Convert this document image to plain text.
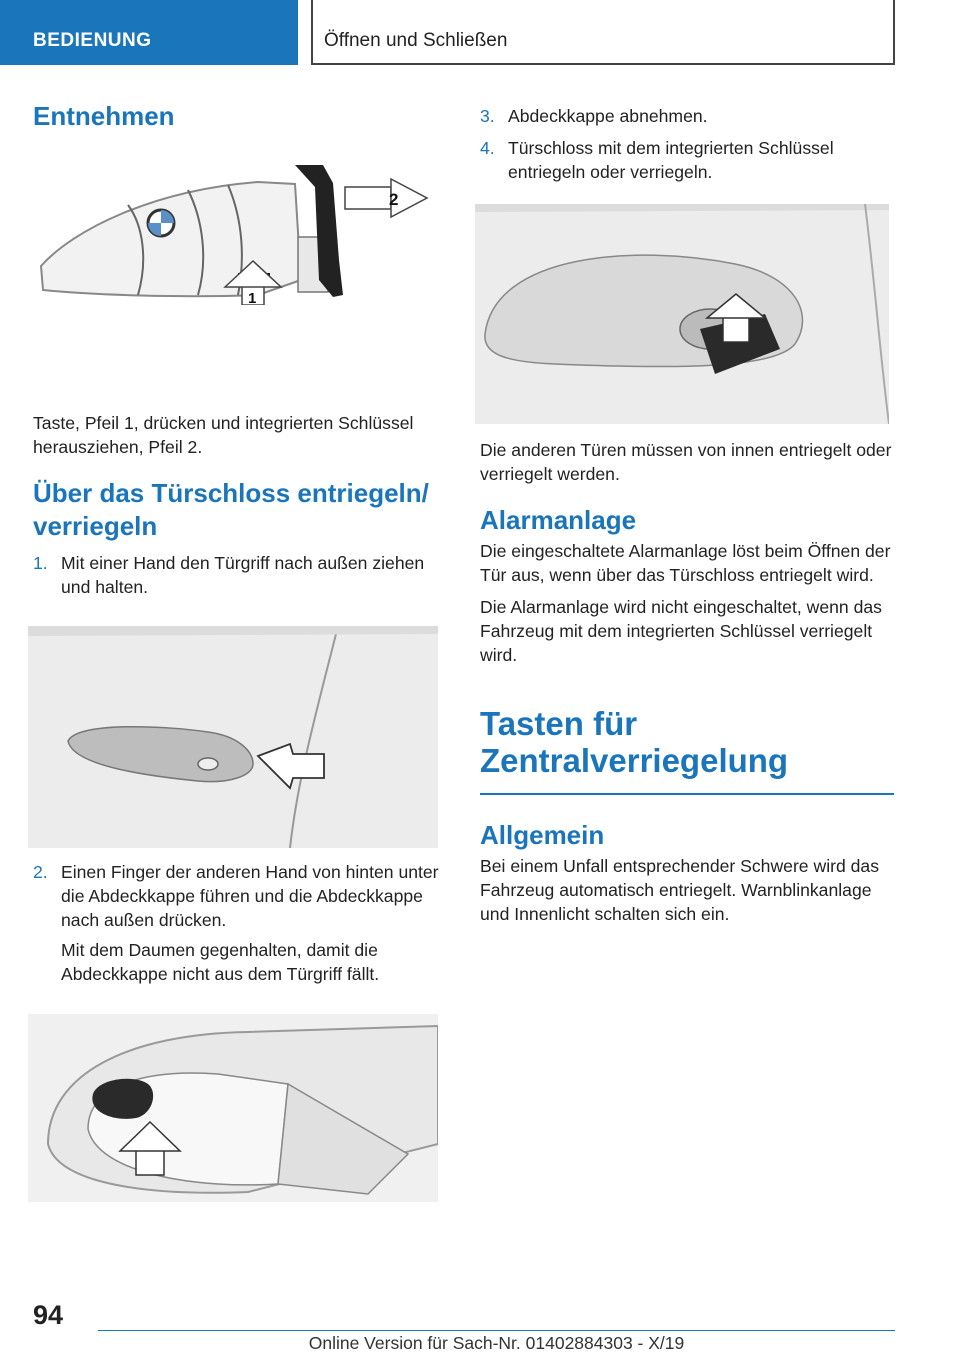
BEDIENUNG	Öffnen und Schließen
Entnehmen
2
1

Taste, Pfeil 1, drücken und integrierten Schlüssel herausziehen, Pfeil 2.

Über das Türschloss entriegeln/ verriegeln
1. Mit einer Hand den Türgriff nach außen ziehen und halten.
2. Einen Finger der anderen Hand von hinten unter die Abdeckkappe führen und die Abdeckkappe nach außen drücken.
Mit dem Daumen gegenhalten, damit die Abdeckkappe nicht aus dem Türgriff fällt.
3. Abdeckkappe abnehmen.
4. Türschloss mit dem integrierten Schlüssel entriegeln oder verriegeln.

Die anderen Türen müssen von innen entriegelt oder verriegelt werden.

Alarmanlage

Die eingeschaltete Alarmanlage löst beim Öffnen der Tür aus, wenn über das Türschloss entriegelt wird.

Die Alarmanlage wird nicht eingeschaltet, wenn das Fahrzeug mit dem integrierten Schlüssel verriegelt wird.

Tasten für Zentralverriegelung
Allgemein

Bei einem Unfall entsprechender Schwere wird das Fahrzeug automatisch entriegelt. Warnblinkanlage und Innenlicht schalten sich ein.

94
Online Version für Sach-Nr. 01402884303 - X/19
